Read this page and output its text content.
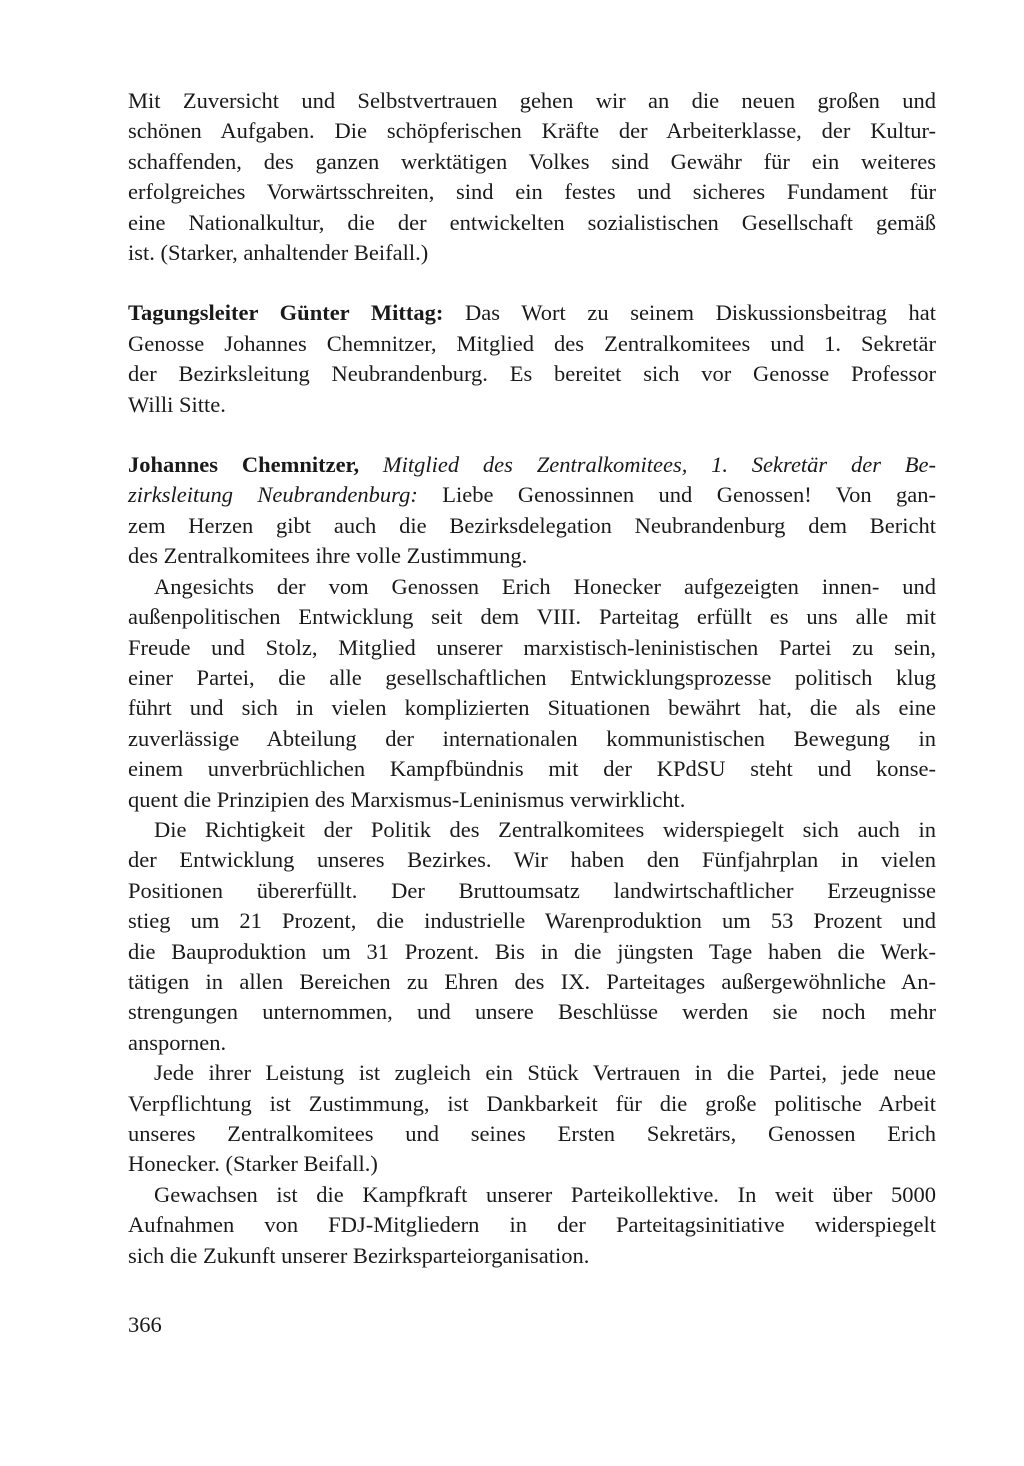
Mit Zuversicht und Selbstvertrauen gehen wir an die neuen großen und
schönen Aufgaben. Die schöpferischen Kräfte der Arbeiterklasse, der Kultur-
schaffenden, des ganzen werktätigen Volkes sind Gewähr für ein weiteres
erfolgreiches Vorwärtsschreiten, sind ein festes und sicheres Fundament für
eine Nationalkultur, die der entwickelten sozialistischen Gesellschaft gemäß
ist. (Starker, anhaltender Beifall.)
Tagungsleiter Günter Mittag: Das Wort zu seinem Diskussionsbeitrag hat
Genosse Johannes Chemnitzer, Mitglied des Zentralkomitees und 1. Sekretär
der Bezirksleitung Neubrandenburg. Es bereitet sich vor Genosse Professor
Willi Sitte.
Johannes Chemnitzer, Mitglied des Zentralkomitees, 1. Sekretär der Be-
zirksleitung Neubrandenburg: Liebe Genossinnen und Genossen! Von gan-
zem Herzen gibt auch die Bezirksdelegation Neubrandenburg dem Bericht
des Zentralkomitees ihre volle Zustimmung.
Angesichts der vom Genossen Erich Honecker aufgezeigten innen- und
außenpolitischen Entwicklung seit dem VIII. Parteitag erfüllt es uns alle mit
Freude und Stolz, Mitglied unserer marxistisch-leninistischen Partei zu sein,
einer Partei, die alle gesellschaftlichen Entwicklungsprozesse politisch klug
führt und sich in vielen komplizierten Situationen bewährt hat, die als eine
zuverlässige Abteilung der internationalen kommunistischen Bewegung in
einem unverbrüchlichen Kampfbündnis mit der KPdSU steht und konse-
quent die Prinzipien des Marxismus-Leninismus verwirklicht.
Die Richtigkeit der Politik des Zentralkomitees widerspiegelt sich auch in
der Entwicklung unseres Bezirkes. Wir haben den Fünfjahrplan in vielen
Positionen übererfüllt. Der Bruttoumsatz landwirtschaftlicher Erzeugnisse
stieg um 21 Prozent, die industrielle Warenproduktion um 53 Prozent und
die Bauproduktion um 31 Prozent. Bis in die jüngsten Tage haben die Werk-
tätigen in allen Bereichen zu Ehren des IX. Parteitages außergewöhnliche An-
strengungen unternommen, und unsere Beschlüsse werden sie noch mehr
anspornen.
Jede ihrer Leistung ist zugleich ein Stück Vertrauen in die Partei, jede neue
Verpflichtung ist Zustimmung, ist Dankbarkeit für die große politische Arbeit
unseres Zentralkomitees und seines Ersten Sekretärs, Genossen Erich
Honecker. (Starker Beifall.)
Gewachsen ist die Kampfkraft unserer Parteikollektive. In weit über 5000
Aufnahmen von FDJ-Mitgliedern in der Parteitagsinitiative widerspiegelt
sich die Zukunft unserer Bezirksparteiorganisation.
366
